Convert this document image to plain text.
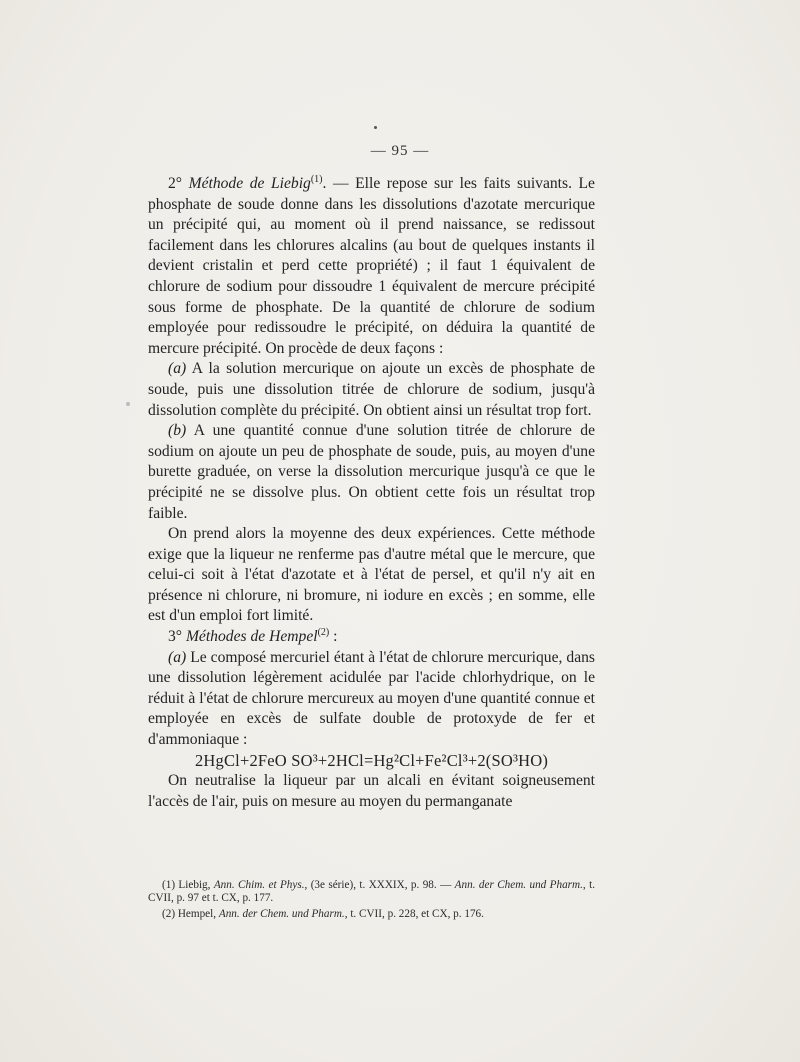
— 95 —

2° Méthode de Liebig$^{(1)}$. — Elle repose sur les faits suivants. Le phosphate de soude donne dans les dissolutions d'azotate mercurique un précipité qui, au moment où il prend naissance, se redissout facilement dans les chlorures alcalins (au bout de quelques instants il devient cristalin et perd cette propriété) ; il faut 1 équivalent de chlorure de sodium pour dissoudre 1 équivalent de mercure précipité sous forme de phosphate. De la quantité de chlorure de sodium employée pour redissoudre le précipité, on déduira la quantité de mercure précipité. On procède de deux façons :

(a) A la solution mercurique on ajoute un excès de phosphate de soude, puis une dissolution titrée de chlorure de sodium, jusqu'à dissolution complète du précipité. On obtient ainsi un résultat trop fort.

(b) A une quantité connue d'une solution titrée de chlorure de sodium on ajoute un peu de phosphate de soude, puis, au moyen d'une burette graduée, on verse la dissolution mercurique jusqu'à ce que le précipité ne se dissolve plus. On obtient cette fois un résultat trop faible.

On prend alors la moyenne des deux expériences. Cette méthode exige que la liqueur ne renferme pas d'autre métal que le mercure, que celui-ci soit à l'état d'azotate et à l'état de persel, et qu'il n'y ait en présence ni chlorure, ni bromure, ni iodure en excès ; en somme, elle est d'un emploi fort limité.

3° Méthodes de Hempel$^{(2)}$ :

(a) Le composé mercuriel étant à l'état de chlorure mercurique, dans une dissolution légèrement acidulée par l'acide chlorhydrique, on le réduit à l'état de chlorure mercureux au moyen d'une quantité connue et employée en excès de sulfate double de protoxyde de fer et d'ammoniaque :

2HgCl+2FeO SO³+2HCl=Hg²Cl+Fe²Cl³+2(SO³HO)

On neutralise la liqueur par un alcali en évitant soigneusement l'accès de l'air, puis on mesure au moyen du permanganate

(1) Liebig, Ann. Chim. et Phys., (3e série), t. XXXIX, p. 98. — Ann. der Chem. und Pharm., t. CVII, p. 97 et t. CX, p. 177.

(2) Hempel, Ann. der Chem. und Pharm., t. CVII, p. 228, et CX, p. 176.
